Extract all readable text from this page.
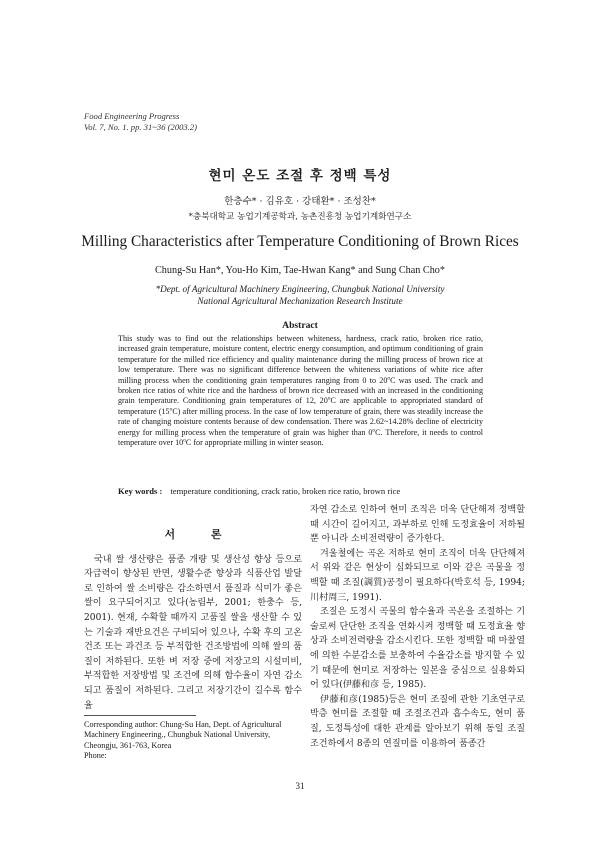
Food Engineering Progress
Vol. 7, No. 1. pp. 31~36 (2003.2)
현미 온도 조절 후 정백 특성
한충수* · 김유호 · 강태환* · 조성찬*
*충북대학교 농업기계공학과, 농촌진흥청 농업기계화연구소
Milling Characteristics after Temperature Conditioning of Brown Rices
Chung-Su Han*, You-Ho Kim, Tae-Hwan Kang* and Sung Chan Cho*
*Dept. of Agricultural Machinery Engineering, Chungbuk National University
National Agricultural Mechanization Research Institute
Abstract
This study was to find out the relationships between whiteness, hardness, crack ratio, broken rice ratio, increased grain temperature, moisture content, electric energy consumption, and optimum conditioning of grain temperature for the milled rice efficiency and quality maintenance during the milling process of brown rice at low temperature. There was no significant difference between the whiteness variations of white rice after milling process when the conditioning grain temperatures ranging from 0 to 20$^o$C was used. The crack and broken rice ratios of white rice and the hardness of brown rice decreased with an increased in the conditioning grain temperature. Conditioning grain temperatures of 12, 20$^o$C are applicable to appropriated standard of temperature (15$^o$C) after milling process. In the case of low temperature of grain, there was steadily increase the rate of changing moisture contents because of dew condensation. There was 2.62~14.28% decline of electricity energy for milling process when the temperature of grain was higher than 0$^o$C. Therefore, it needs to control temperature over 10$^o$C for appropriate milling in winter season.
Key words : temperature conditioning, crack ratio, broken rice ratio, brown rice
서 론

국내 쌀 생산량은 품종 개량 및 생산성 향상 등으로 자급력이 향상된 반면, 생활수준 향상과 식품산업 발달로 인하여 쌀 소비량은 감소하면서 품질과 식미가 좋은 쌀이 요구되어지고 있다(농림부, 2001; 한충수 등, 2001). 현재, 수확할 때까지 고품질 쌀을 생산할 수 있는 기술과 재반요건은 구비되어 있으나, 수확 후의 고온건조 또는 과건조 등 부적합한 건조방법에 의해 쌀의 품질이 저하된다. 또한 벼 저장 중에 저장고의 시설미비, 부적합한 저장방법 및 조건에 의해 함수율이 자연 감소되고 품질이 저하된다. 그리고 저장기간이 길수록 함수율

자연 감소로 인하여 현미 조직은 더욱 단단해져 정백할 때 시간이 길어지고, 과부하로 인해 도정효율이 저하될 뿐 아니라 소비전력량이 증가한다.

겨울철에는 곡온 저하로 현미 조직이 더욱 단단해져서 위와 같은 현상이 심화되므로 이와 같은 곡물을 정백할 때 조질(調質)공정이 필요하다(박호석 등, 1994; 川村周三, 1991).

조질은 도정시 곡물의 함수율과 곡온을 조절하는 기술로써 단단한 조직을 연화시켜 정백할 때 도정효율 향상과 소비전력량을 감소시킨다. 또한 정백할 때 마찰열에 의한 수분감소를 보충하여 수율감소를 방지할 수 있기 때문에 현미로 저장하는 일본을 중심으로 실용화되어 있다(伊藤和彦 등, 1985).

伊藤和彦(1985)등은 현미 조질에 관한 기초연구로 박층 현미를 조절할 때 조절조건과 흡수속도, 현미 품질, 도정특성에 대한 관계를 알아보기 위해 동일 조질 조건하에서 8종의 연질미를 이용하여 품종간

Corresponding author: Chung-Su Han, Dept. of Agricultural Machinery Engineering., Chungbuk National University, Cheongju, 361-763, Korea
Phone:
31
